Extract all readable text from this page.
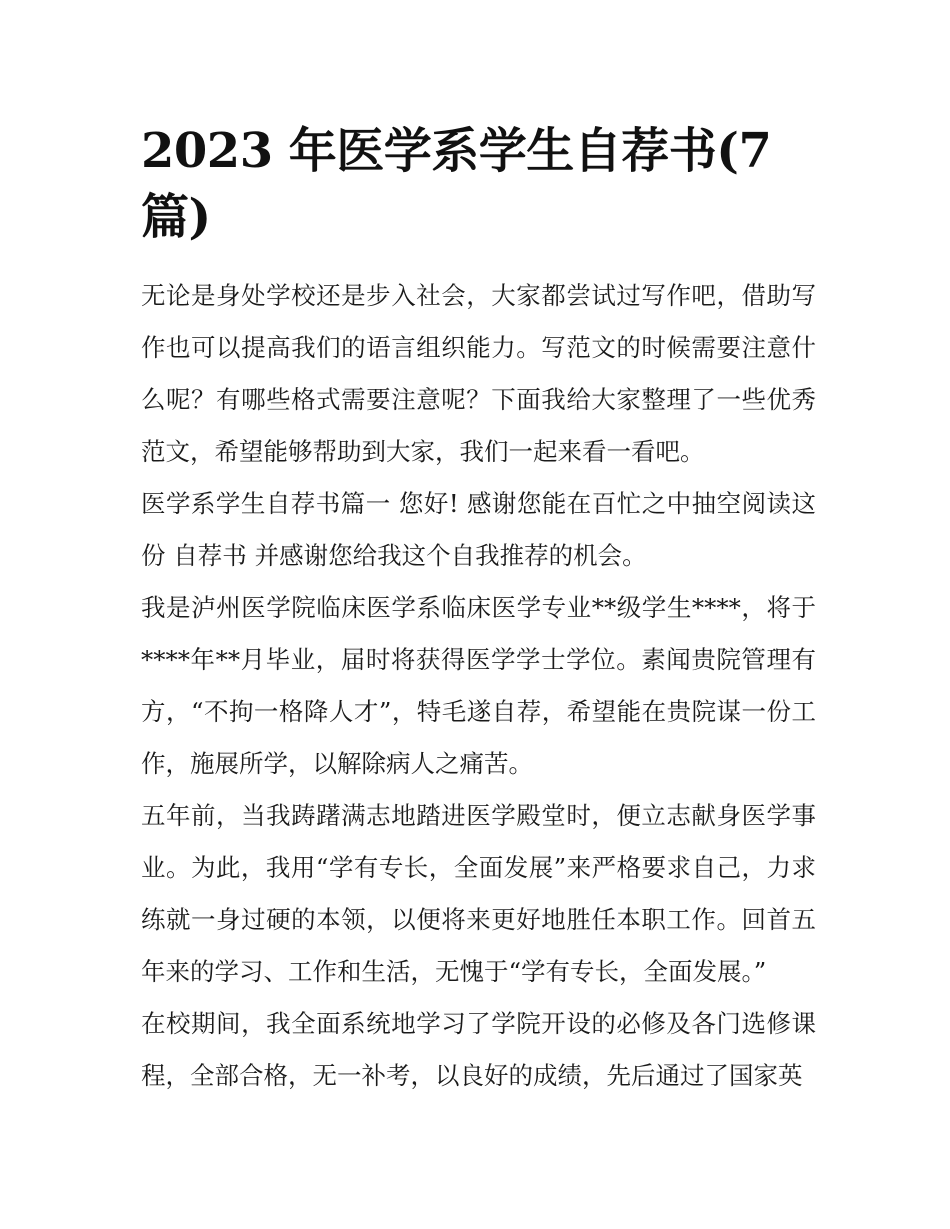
2023 年医学系学生自荐书(7 篇)

无论是身处学校还是步入社会，大家都尝试过写作吧，借助写作也可以提高我们的语言组织能力。写范文的时候需要注意什么呢？有哪些格式需要注意呢？下面我给大家整理了一些优秀范文，希望能够帮助到大家，我们一起来看一看吧。

医学系学生自荐书篇一 您好! 感谢您能在百忙之中抽空阅读这份 自荐书 并感谢您给我这个自我推荐的机会。

我是泸州医学院临床医学系临床医学专业**级学生****，将于****年**月毕业，届时将获得医学学士学位。素闻贵院管理有方，“不拘一格降人才”，特毛遂自荐，希望能在贵院谋一份工作，施展所学，以解除病人之痛苦。

五年前，当我踌躇满志地踏进医学殿堂时，便立志献身医学事业。为此，我用“学有专长，全面发展”来严格要求自己，力求练就一身过硬的本领，以便将来更好地胜任本职工作。回首五年来的学习、工作和生活，无愧于“学有专长，全面发展。”

在校期间，我全面系统地学习了学院开设的必修及各门选修课程，全部合格，无一补考，以良好的成绩，先后通过了国家英
